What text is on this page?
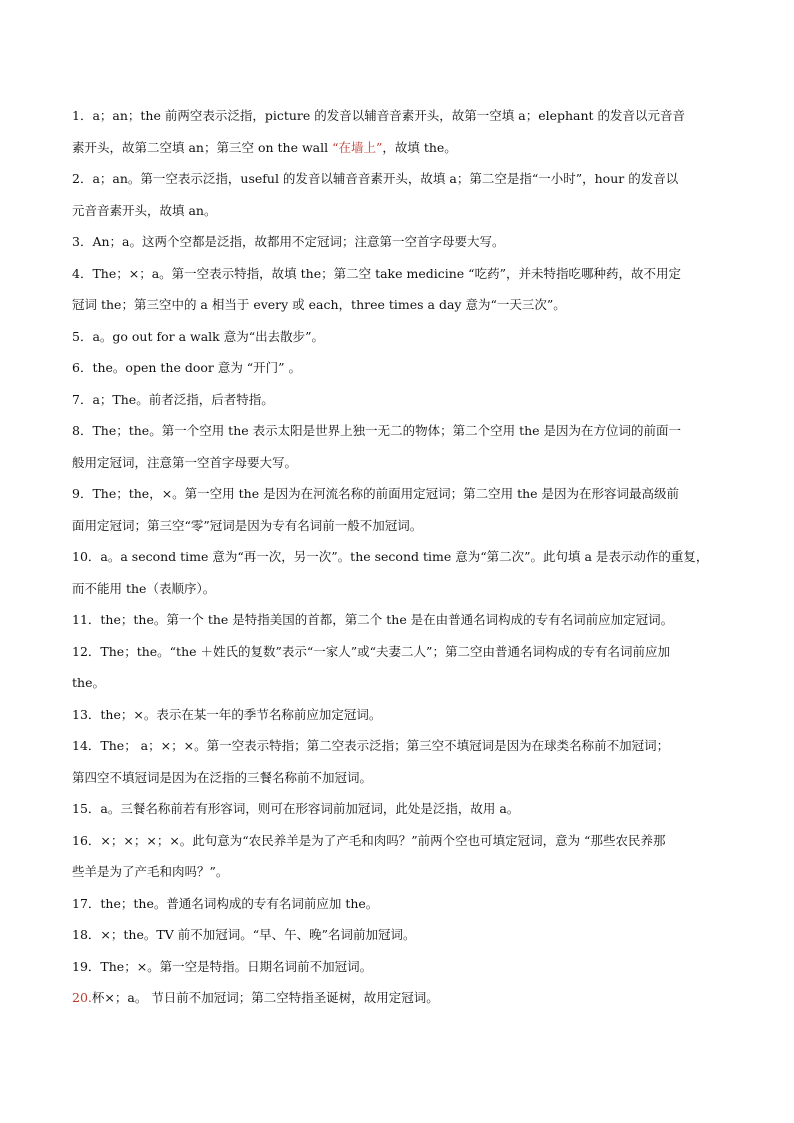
1．a；an；the 前两空表示泛指，picture 的发音以辅音音素开头，故第一空填 a；elephant 的发音以元音音
素开头，故第二空填 an；第三空 on the wall “在墙上”，故填 the。
2．a；an。第一空表示泛指，useful 的发音以辅音音素开头，故填 a；第二空是指“一小时”，hour 的发音以
元音音素开头，故填 an。
3．An；a。这两个空都是泛指，故都用不定冠词；注意第一空首字母要大写。
4．The；×；a。第一空表示特指，故填 the；第二空 take medicine “吃药”，并未特指吃哪种药，故不用定
冠词 the；第三空中的 a 相当于 every 或 each，three times a day 意为“一天三次”。
5．a。go out for a walk 意为“出去散步”。
6．the。open the door 意为 “开门” 。
7．a；The。前者泛指，后者特指。
8．The；the。第一个空用 the 表示太阳是世界上独一无二的物体；第二个空用 the 是因为在方位词的前面一
般用定冠词，注意第一空首字母要大写。
9．The；the，×。第一空用 the 是因为在河流名称的前面用定冠词；第二空用 the 是因为在形容词最高级前
面用定冠词；第三空“零”冠词是因为专有名词前一般不加冠词。
10．a。a second time 意为“再一次，另一次”。the second time 意为“第二次”。此句填 a 是表示动作的重复，
而不能用 the（表顺序）。
11．the；the。第一个 the 是特指美国的首都，第二个 the 是在由普通名词构成的专有名词前应加定冠词。
12．The；the。“the ＋姓氏的复数”表示“一家人”或“夫妻二人”；第二空由普通名词构成的专有名词前应加
the。
13．the；×。表示在某一年的季节名称前应加定冠词。
14．The； a；×；×。第一空表示特指；第二空表示泛指；第三空不填冠词是因为在球类名称前不加冠词；
第四空不填冠词是因为在泛指的三餐名称前不加冠词。
15．a。三餐名称前若有形容词，则可在形容词前加冠词，此处是泛指，故用 a。
16．×；×；×；×。此句意为“农民养羊是为了产毛和肉吗？”前两个空也可填定冠词，意为 “那些农民养那
些羊是为了产毛和肉吗？”。
17．the；the。普通名词构成的专有名词前应加 the。
18．×；the。TV 前不加冠词。“早、午、晚”名词前加冠词。
19．The；×。第一空是特指。日期名词前不加冠词。
20.杯×；a。 节日前不加冠词；第二空特指圣诞树，故用定冠词。
